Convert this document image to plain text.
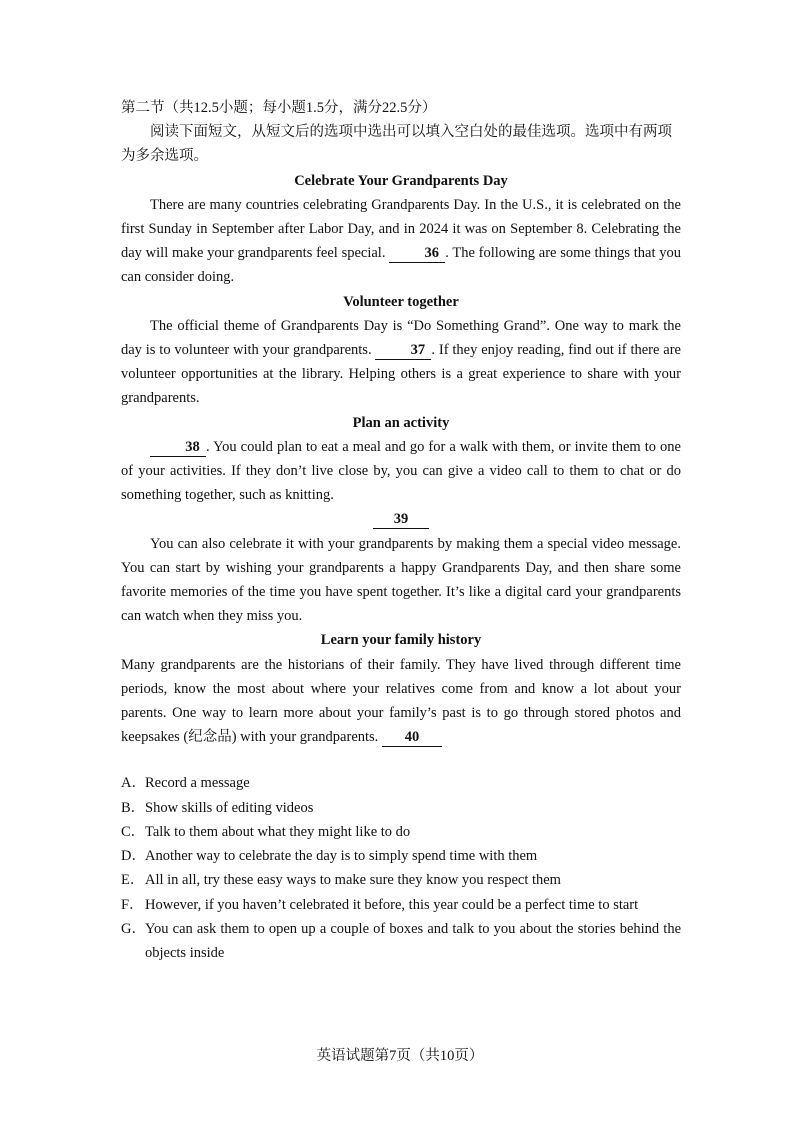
第二节（共12.5小题；每小题1.5分，满分22.5分）

阅读下面短文，从短文后的选项中选出可以填入空白处的最佳选项。选项中有两项为多余选项。

Celebrate Your Grandparents Day

There are many countries celebrating Grandparents Day. In the U.S., it is celebrated on the first Sunday in September after Labor Day, and in 2024 it was on September 8. Celebrating the day will make your grandparents feel special. 36 . The following are some things that you can consider doing.

Volunteer together

The official theme of Grandparents Day is “Do Something Grand”. One way to mark the day is to volunteer with your grandparents. 37 . If they enjoy reading, find out if there are volunteer opportunities at the library. Helping others is a great experience to share with your grandparents.

Plan an activity

38 . You could plan to eat a meal and go for a walk with them, or invite them to one of your activities. If they don’t live close by, you can give a video call to them to chat or do something together, such as knitting.

39

You can also celebrate it with your grandparents by making them a special video message. You can start by wishing your grandparents a happy Grandparents Day, and then share some favorite memories of the time you have spent together. It’s like a digital card your grandparents can watch when they miss you.

Learn your family history

Many grandparents are the historians of their family. They have lived through different time periods, know the most about where your relatives come from and know a lot about your parents. One way to learn more about your family’s past is to go through stored photos and keepsakes (纪念品) with your grandparents. 40

A． Record a message
B． Show skills of editing videos
C． Talk to them about what they might like to do
D． Another way to celebrate the day is to simply spend time with them
E． All in all, try these easy ways to make sure they know you respect them
F． However, if you haven’t celebrated it before, this year could be a perfect time to start
G． You can ask them to open up a couple of boxes and talk to you about the stories behind the objects inside
英语试题第7页（共10页）
